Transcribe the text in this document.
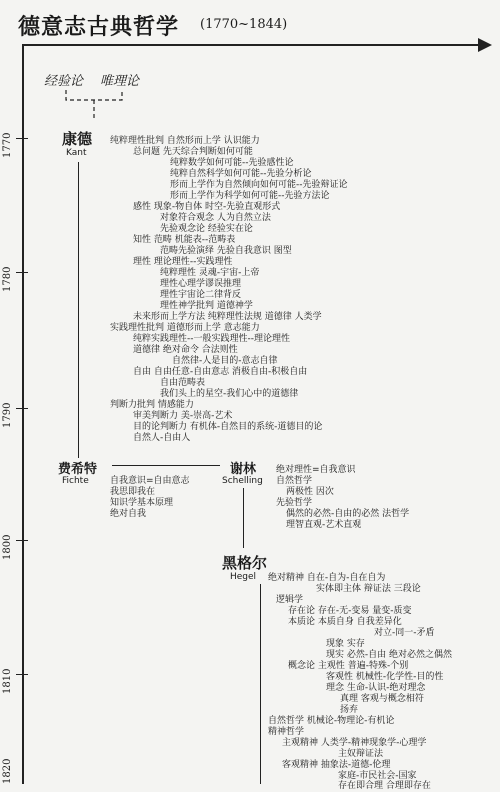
德意志古典哲学 (1770~1844)
1770
1780
1790
1800
1810
1820
经验论 唯理论
康德
Kant
纯粹理性批判 自然形而上学 认识能力
总问题 先天综合判断如何可能
纯粹数学如何可能--先验感性论
纯粹自然科学如何可能--先验分析论
形而上学作为自然倾向如何可能--先验辩证论
形而上学作为科学如何可能--先验方法论
感性 现象-物自体 时空-先验直观形式
对象符合观念 人为自然立法
先验观念论 经验实在论
知性 范畴 机能表--范畴表
范畴先验演绎 先验自我意识 图型
理性 理论理性--实践理性
纯粹理性 灵魂-宇宙-上帝
理性心理学谬误推理
理性宇宙论二律背反
理性神学批判 道德神学
未来形而上学方法 纯粹理性法规 道德律 人类学
实践理性批判 道德形而上学 意志能力
纯粹实践理性--一般实践理性--理论理性
道德律 绝对命令 合法则性
自然律-人是目的-意志自律
自由 自由任意-自由意志 消极自由-积极自由
自由范畴表
我们头上的星空-我们心中的道德律
判断力批判 情感能力
审美判断力 美-崇高-艺术
目的论判断力 有机体-自然目的系统-道德目的论
自然人-自由人
费希特
Fichte 自我意识=自由意志
我思即我在
知识学基本原理
绝对自我
谢林
Schelling
绝对理性=自我意识
自然哲学
两极性 因次
先验哲学
偶然的必然-自由的必然 法哲学
理智直观-艺术直观
黑格尔
Hegel 绝对精神 自在-自为-自在自为
实体即主体 辩证法 三段论
逻辑学
存在论 存在-无-变易 量变-质变
本质论 本质自身 自我差异化
对立-同一-矛盾
现象 实存
现实 必然-自由 绝对必然之偶然
概念论 主观性 普遍-特殊-个别
客观性 机械性-化学性-目的性
理念 生命-认识-绝对理念
真理 客观与概念相符
扬弃
自然哲学 机械论-物理论-有机论
精神哲学
主观精神 人类学-精神现象学-心理学
主奴辩证法
客观精神 抽象法-道德-伦理
家庭-市民社会-国家
存在即合理 合理即存在
